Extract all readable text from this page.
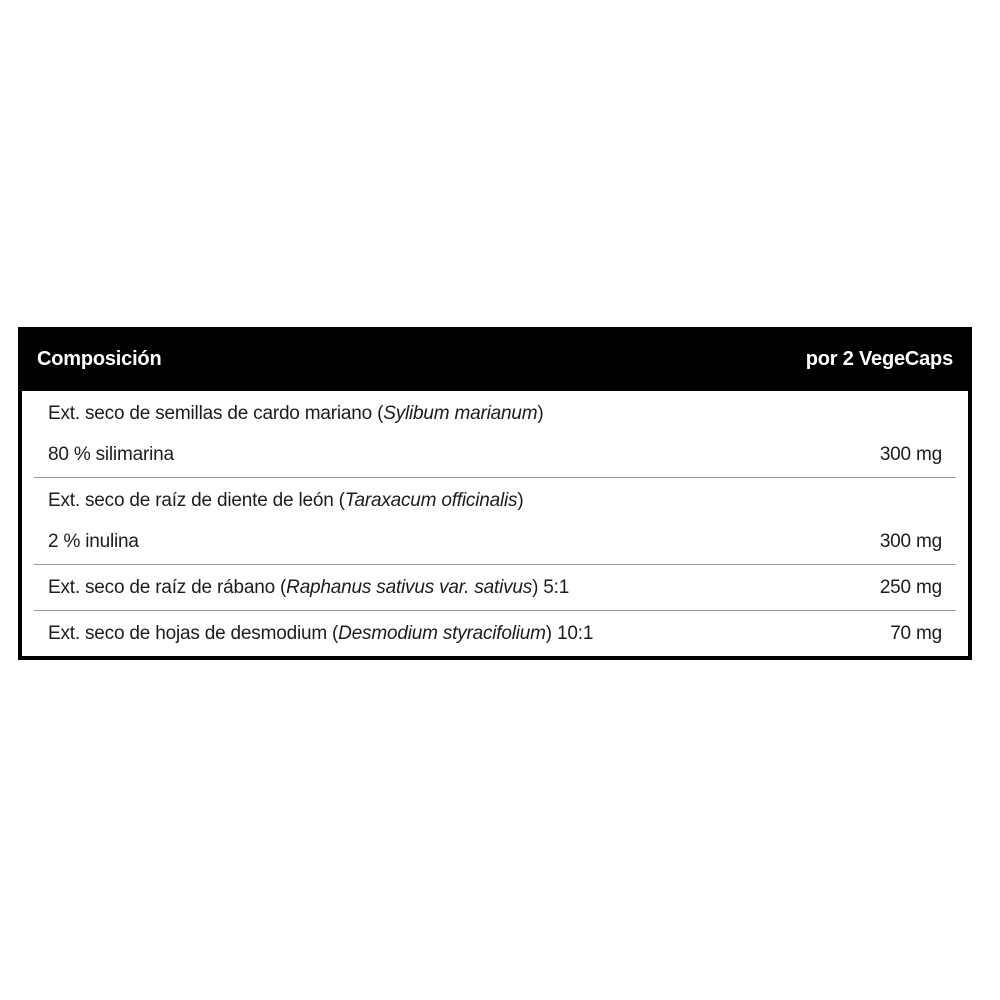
Composición	por 2 VegeCaps
Ext. seco de semillas de cardo mariano (Sylibum marianum)
80 % silimarina	300 mg
Ext. seco de raíz de diente de león (Taraxacum officinalis)
2 % inulina	300 mg
Ext. seco de raíz de rábano (Raphanus sativus var. sativus) 5:1	250 mg
Ext. seco de hojas de desmodium (Desmodium styracifolium) 10:1	70 mg
